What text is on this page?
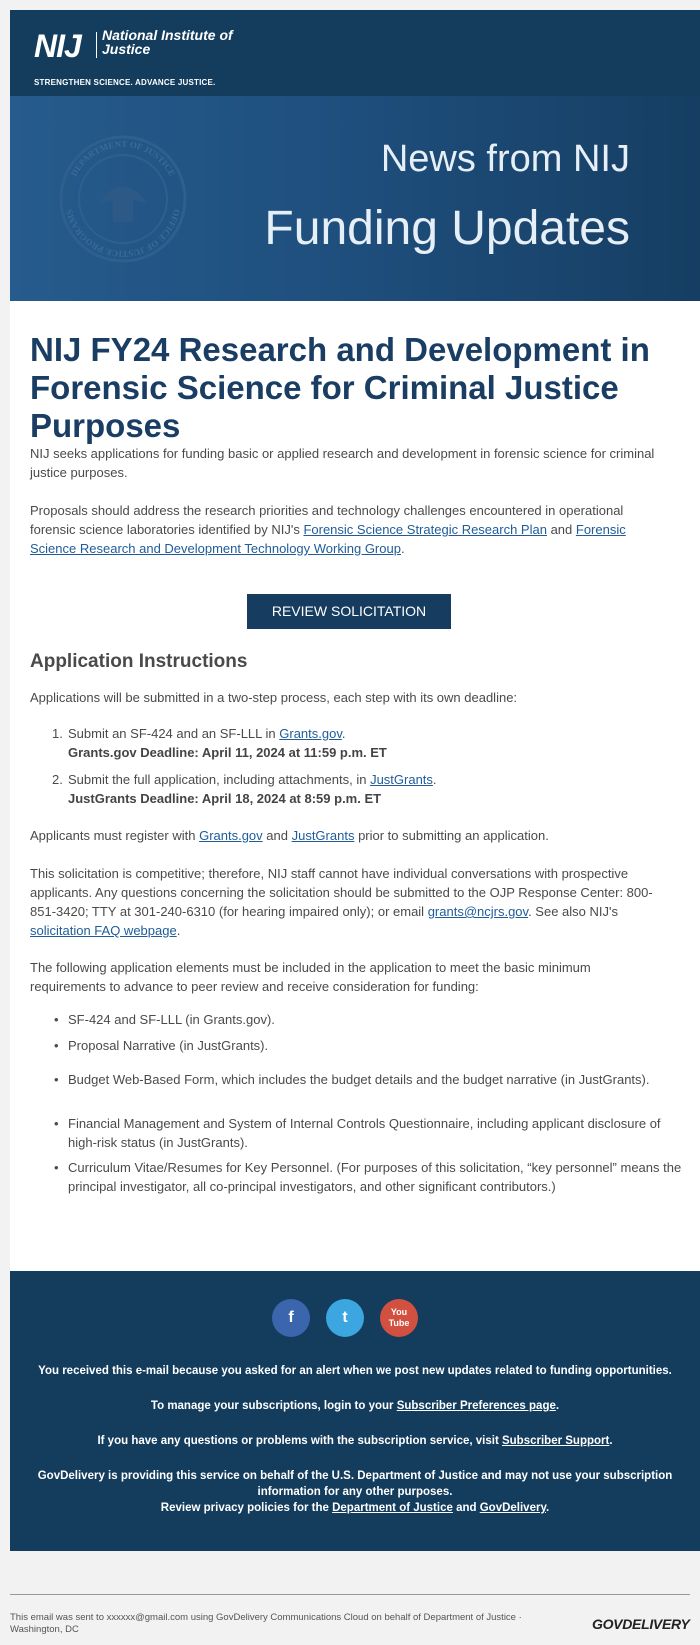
NIJ National Institute of Justice
STRENGTHEN SCIENCE. ADVANCE JUSTICE.
DEPARTMENT OF JUSTICE
OFFICE OF JUSTICE PROGRAMS
News from NIJ
Funding Updates
NIJ FY24 Research and Development in Forensic Science for Criminal Justice Purposes

NIJ seeks applications for funding basic or applied research and development in forensic science for criminal justice purposes.

Proposals should address the research priorities and technology challenges encountered in operational forensic science laboratories identified by NIJ's Forensic Science Strategic Research Plan and Forensic Science Research and Development Technology Working Group.

REVIEW SOLICITATION
Application Instructions

Applications will be submitted in a two-step process, each step with its own deadline:

1. Submit an SF-424 and an SF-LLL in Grants.gov.
Grants.gov Deadline: April 11, 2024 at 11:59 p.m. ET
2. Submit the full application, including attachments, in JustGrants.
JustGrants Deadline: April 18, 2024 at 8:59 p.m. ET

Applicants must register with Grants.gov and JustGrants prior to submitting an application.

This solicitation is competitive; therefore, NIJ staff cannot have individual conversations with prospective applicants. Any questions concerning the solicitation should be submitted to the OJP Response Center: 800-851-3420; TTY at 301-240-6310 (for hearing impaired only); or email grants@ncjrs.gov. See also NIJ's solicitation FAQ webpage.

The following application elements must be included in the application to meet the basic minimum requirements to advance to peer review and receive consideration for funding:

• SF-424 and SF-LLL (in Grants.gov).
• Proposal Narrative (in JustGrants).
• Budget Web-Based Form, which includes the budget details and the budget narrative (in JustGrants).
• Financial Management and System of Internal Controls Questionnaire, including applicant disclosure of high-risk status (in JustGrants).
• Curriculum Vitae/Resumes for Key Personnel. (For purposes of this solicitation, “key personnel” means the principal investigator, all co-principal investigators, and other significant contributors.)
f	t	You Tube

You received this e-mail because you asked for an alert when we post new updates related to funding opportunities.

To manage your subscriptions, login to your Subscriber Preferences page.

If you have any questions or problems with the subscription service, visit Subscriber Support.

GovDelivery is providing this service on behalf of the U.S. Department of Justice and may not use your subscription information for any other purposes.

Review privacy policies for the Department of Justice and GovDelivery.

This email was sent to xxxxxx@gmail.com using GovDelivery Communications Cloud on behalf of Department of Justice · Washington, DC	GOVDELIVERY
